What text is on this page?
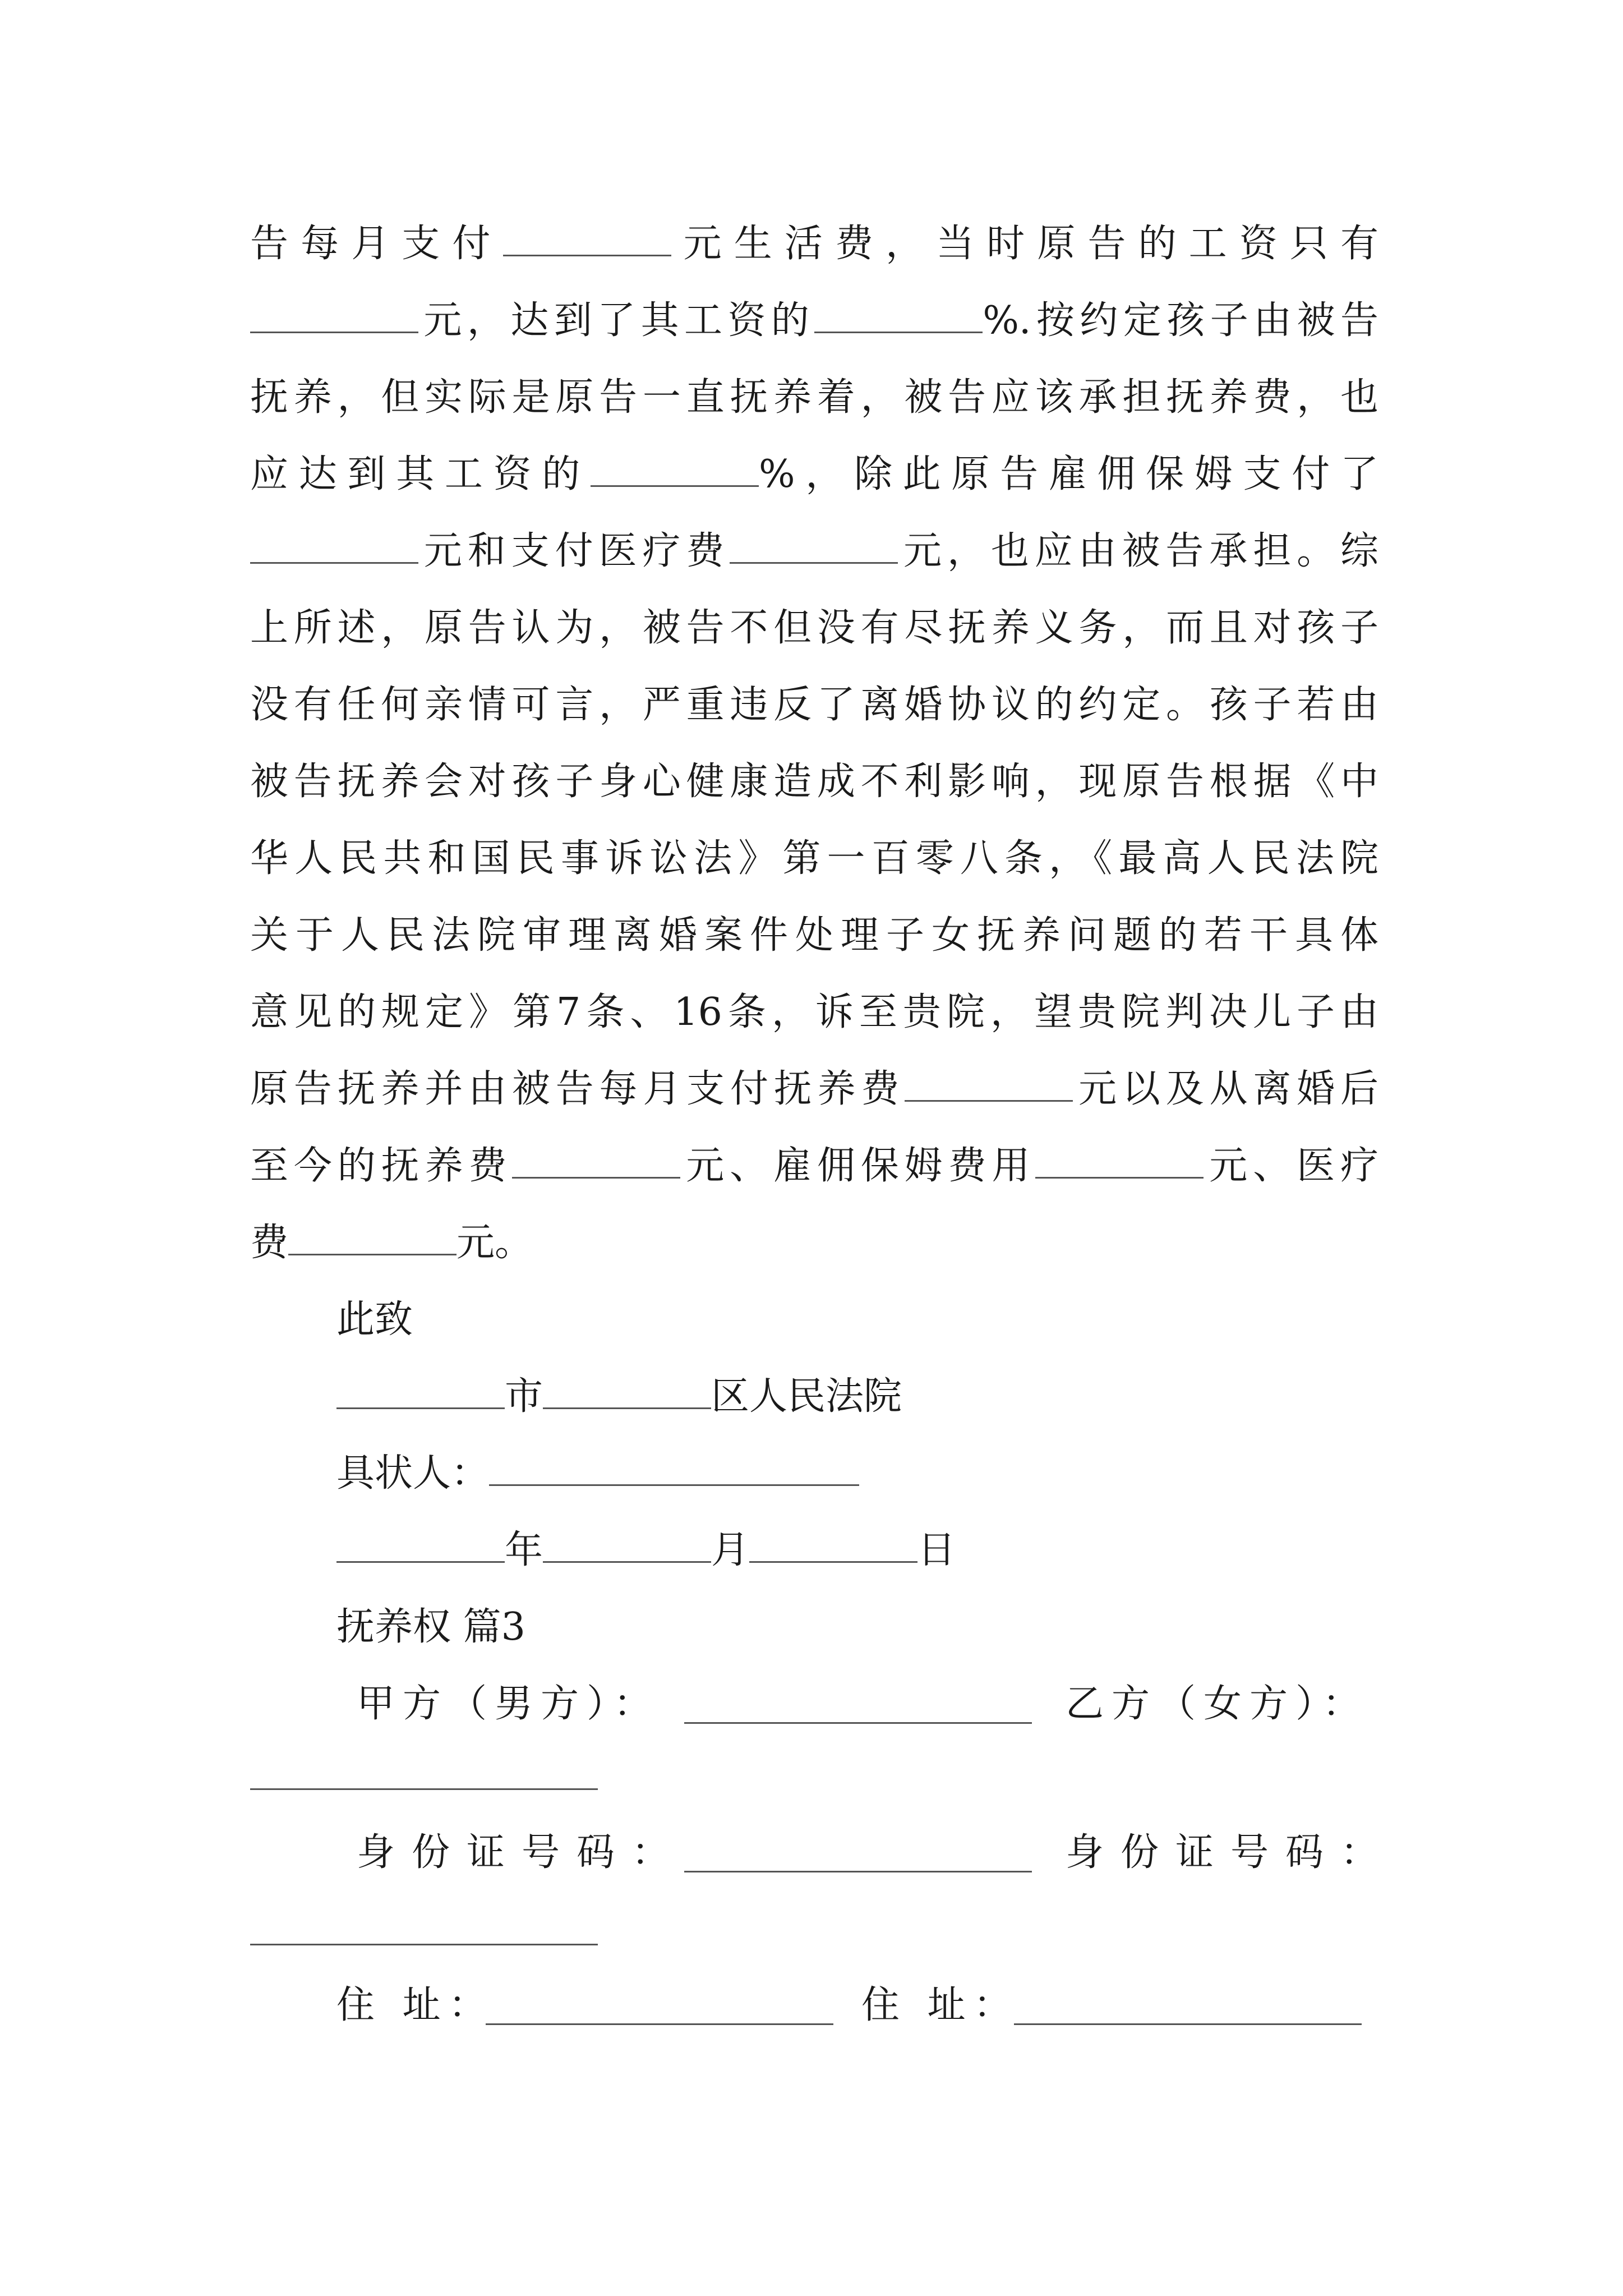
告每月支付	元生活费，当时原告的工资只有
元，达到了其工资的	%.按约定孩子由被告
抚养，但实际是原告一直抚养着，被告应该承担抚养费，也
应达到其工资的	%，除此原告雇佣保姆支付了
元和支付医疗费	元，也应由被告承担。综
上所述，原告认为，被告不但没有尽抚养义务，而且对孩子
没有任何亲情可言，严重违反了离婚协议的约定。孩子若由
被告抚养会对孩子身心健康造成不利影响，现原告根据《中
华人民共和国民事诉讼法》第一百零八条，《最高人民法院
关于人民法院审理离婚案件处理子女抚养问题的若干具体
意见的规定》第7条、16条，诉至贵院，望贵院判决儿子由
原告抚养并由被告每月支付抚养费	元以及从离婚后
至今的抚养费	元、雇佣保姆费用	元、医疗
费	元。
此致
市	区人民法院
具状人：
年	月	日
抚养权 篇3
甲方（男方）：	乙方（女方）：
身份证号码：	身份证号码：
住 址：	住 址：
